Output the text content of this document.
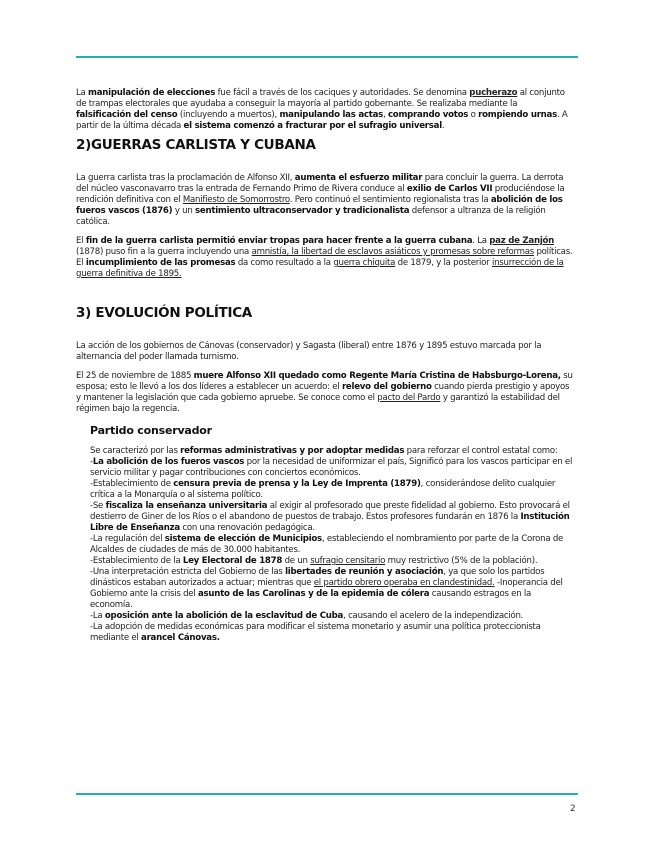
La manipulación de elecciones fue fácil a través de los caciques y autoridades. Se denomina pucherazo al conjunto de trampas electorales que ayudaba a conseguir la mayoría al partido gobernante. Se realizaba mediante la falsificación del censo (incluyendo a muertos), manipulando las actas, comprando votos o rompiendo urnas. A partir de la última década el sistema comenzó a fracturar por el sufragio universal.

2)GUERRAS CARLISTA Y CUBANA

La guerra carlista tras la proclamación de Alfonso XII, aumenta el esfuerzo militar para concluir la guerra. La derrota del núcleo vasconavarro tras la entrada de Fernando Primo de Rivera conduce al exilio de Carlos VII produciéndose la rendición definitiva con el Manifiesto de Somorrostro. Pero continuó el sentimiento regionalista tras la abolición de los fueros vascos (1876) y un sentimiento ultraconservador y tradicionalista defensor a ultranza de la religión católica.

El fin de la guerra carlista permitió enviar tropas para hacer frente a la guerra cubana. La paz de Zanjón (1878) puso fin a la guerra incluyendo una amnistía, la libertad de esclavos asiáticos y promesas sobre reformas políticas. El incumplimiento de las promesas da como resultado a la guerra chiquita de 1879, y la posterior insurrección de la guerra definitiva de 1895.

3) EVOLUCIÓN POLÍTICA

La acción de los gobiernos de Cánovas (conservador) y Sagasta (liberal) entre 1876 y 1895 estuvo marcada por la alternancia del poder llamada turnismo.

El 25 de noviembre de 1885 muere Alfonso XII quedado como Regente María Cristina de Habsburgo-Lorena, su esposa; esto le llevó a los dos líderes a establecer un acuerdo: el relevo del gobierno cuando pierda prestigio y apoyos y mantener la legislación que cada gobierno apruebe. Se conoce como el pacto del Pardo y garantizó la estabilidad del régimen bajo la regencia.

Partido conservador

Se caracterizó por las reformas administrativas y por adoptar medidas para reforzar el control estatal como:

-La abolición de los fueros vascos por la necesidad de uniformizar el país, Significó para los vascos participar en el servicio militar y pagar contribuciones con conciertos económicos.

-Establecimiento de censura previa de prensa y la Ley de Imprenta (1879), considerándose delito cualquier crítica a la Monarquía o al sistema político.

-Se fiscaliza la enseñanza universitaria al exigir al profesorado que preste fidelidad al gobierno. Esto provocará el destierro de Giner de los Ríos o el abandono de puestos de trabajo. Estos profesores fundarán en 1876 la Institución Libre de Enseñanza con una renovación pedagógica.

-La regulación del sistema de elección de Municipios, estableciendo el nombramiento por parte de la Corona de Alcaldes de ciudades de más de 30.000 habitantes.

-Establecimiento de la Ley Electoral de 1878 de un sufragio censitario muy restrictivo (5% de la población).

-Una interpretación estricta del Gobierno de las libertades de reunión y asociación, ya que solo los partidos dinásticos estaban autorizados a actuar; mientras que el partido obrero operaba en clandestinidad. -Inoperancia del Gobierno ante la crisis del asunto de las Carolinas y de la epidemia de cólera causando estragos en la economía.

-La oposición ante la abolición de la esclavitud de Cuba, causando el acelero de la independización.

-La adopción de medidas económicas para modificar el sistema monetario y asumir una política proteccionista mediante el arancel Cánovas.

2
